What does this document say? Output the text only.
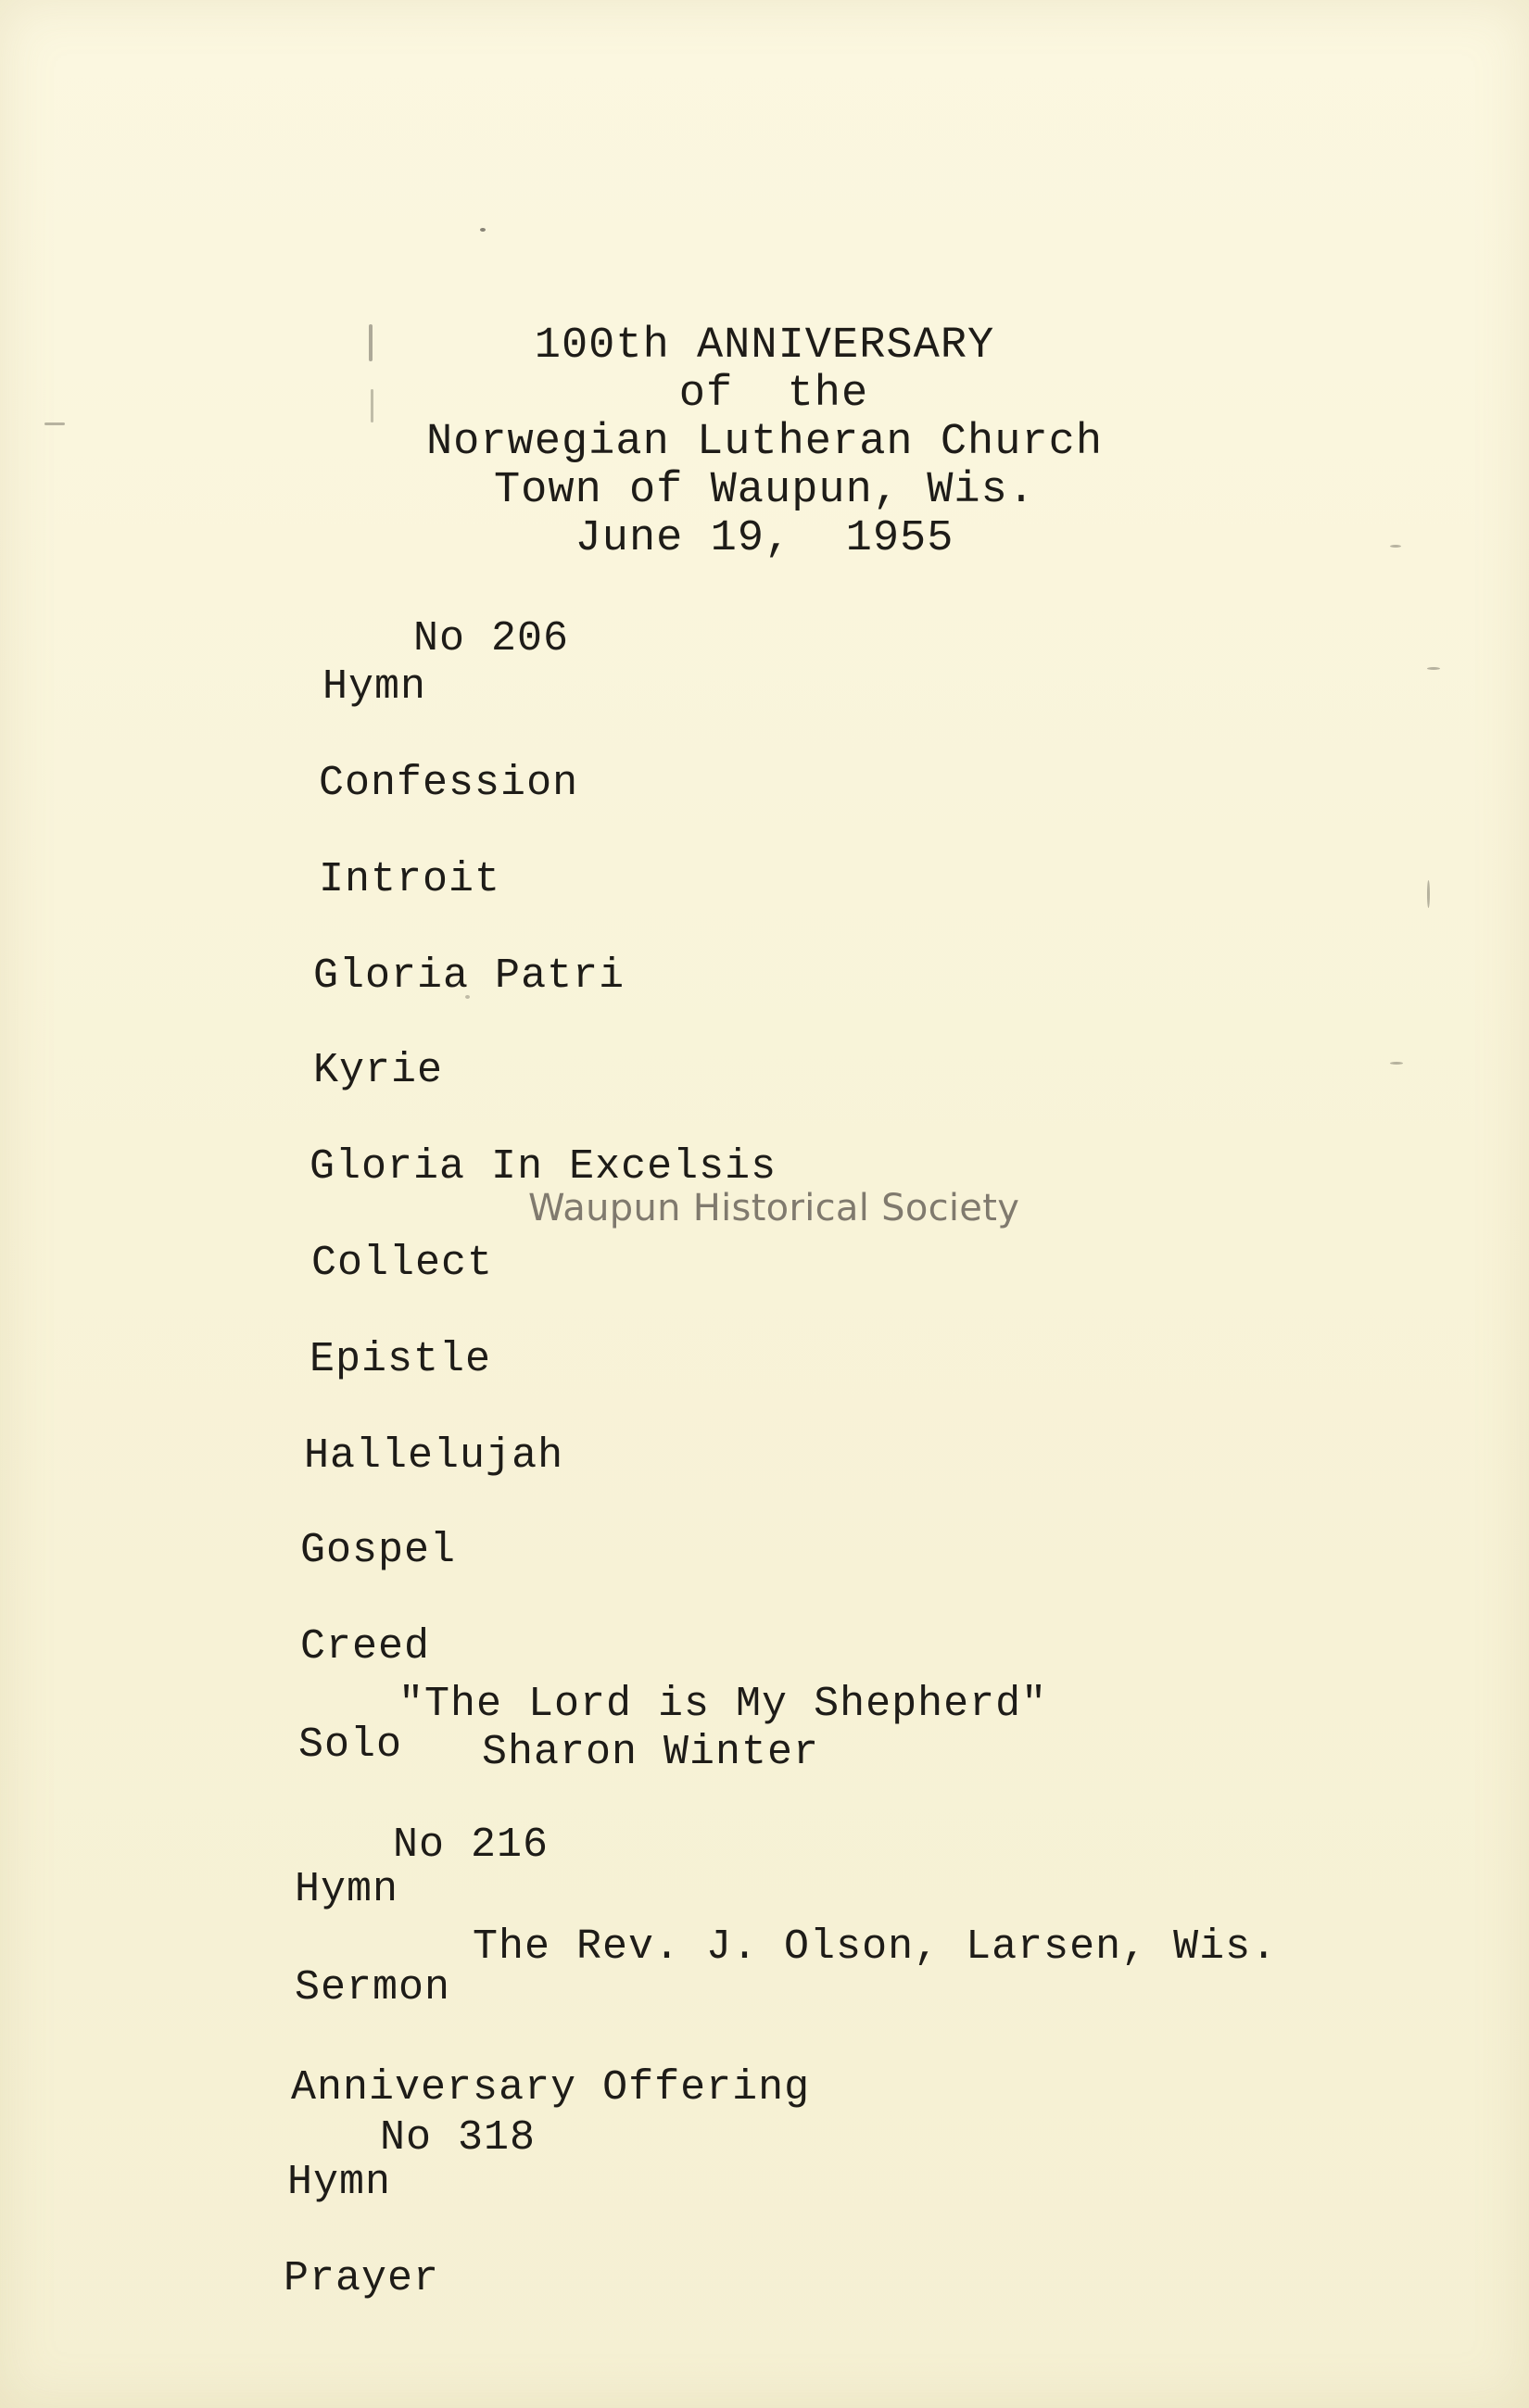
100th ANNIVERSARY
of  the
Norwegian Lutheran Church
Town of Waupun, Wis.
June 19,  1955

Hymn

No 206

Confession

Introit

Gloria Patri

Kyrie

Gloria In Excelsis

Collect

Epistle

Hallelujah

Gospel

Creed

Solo

"The Lord is My Shepherd"

Sharon Winter

Hymn

No 216

Sermon

The Rev. J. Olson, Larsen, Wis.

Anniversary Offering

Hymn

No 318

Prayer

Waupun Historical Society
